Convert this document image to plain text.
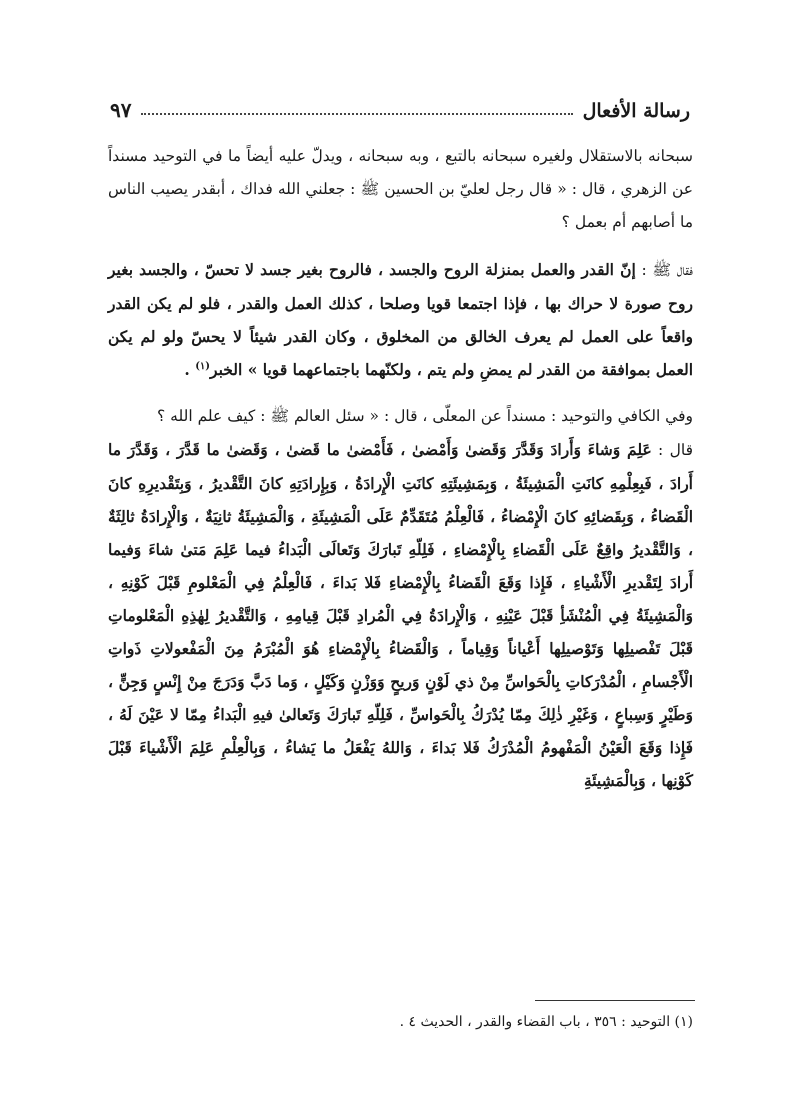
رسالة الأفعال
٩٧

سبحانه بالاستقلال ولغيره سبحانه بالتبع ، وبه سبحانه ، ويدلّ عليه أيضاً ما في التوحيد مسنداً عن الزهري ، قال : « قال رجل لعليّ بن الحسين ﷺ : جعلني الله فداك ، أبقدر يصيب الناس ما أصابهم أم بعمل ؟

فقال ﷺ : إنّ القدر والعمل بمنزلة الروح والجسد ، فالروح بغير جسد لا تحسّ ، والجسد بغير روح صورة لا حراك بها ، فإذا اجتمعا قويا وصلحا ، كذلك العمل والقدر ، فلو لم يكن القدر واقعاً على العمل لم يعرف الخالق من المخلوق ، وكان القدر شيئاً لا يحسّ ولو لم يكن العمل بموافقة من القدر لم يمضِ ولم يتم ، ولكنّهما باجتماعهما قويا » الخبر$^{(١)}$ .

وفي الكافي والتوحيد : مسنداً عن المعلّى ، قال : « سئل العالم ﷺ : كيف علم الله ؟

قال : عَلِمَ وَشاءَ وَأَرادَ وَقَدَّرَ وَقَضىٰ وَأَمْضىٰ ، فَأَمْضىٰ ما قَضىٰ ، وَقَضىٰ ما قَدَّرَ ، وَقَدَّرَ ما أَرادَ ، فَبِعِلْمِهِ كانَتِ الْمَشِيئَةُ ، وَبِمَشِيئَتِهِ كانَتِ الْإِرادَةُ ، وَبِإِرادَتِهِ كانَ التَّقْديرُ ، وَبِتَقْديرِهِ كانَ الْقَضاءُ ، وَبِقَضائِهِ كانَ الْإِمْضاءُ ، فَالْعِلْمُ مُتَقَدِّمٌ عَلَى الْمَشِيئَةِ ، وَالْمَشِيئَةُ ثانِيَةٌ ، وَالْإِرادَةُ ثالِثَةٌ ، وَالتَّقْديرُ واقِعٌ عَلَى الْقَضاءِ بِالْإِمْضاءِ ، فَلِلّهِ تَبارَكَ وَتَعالَى الْبَداءُ فيما عَلِمَ مَتىٰ شاءَ وَفيما أَرادَ لِتَقْديرِ الْأَشْياءِ ، فَإِذا وَقَعَ الْقَضاءُ بِالْإِمْضاءِ فَلا بَداءَ ، فَالْعِلْمُ فِي الْمَعْلومِ قَبْلَ كَوْنِهِ ، وَالْمَشِيئَةُ فِي الْمُنْشَأِ قَبْلَ عَيْنِهِ ، وَالْإِرادَةُ فِي الْمُرادِ قَبْلَ قِيامِهِ ، وَالتَّقْديرُ لِهٰذِهِ الْمَعْلوماتِ قَبْلَ تَفْصيلِها وَتَوْصيلِها أَعْياناً وَقِياماً ، وَالْقَضاءُ بِالْإِمْضاءِ هُوَ الْمُبْرَمُ مِنَ الْمَفْعولاتِ ذَواتِ الْأَجْسامِ ، الْمُدْرَكاتِ بِالْحَواسِّ مِنْ ذي لَوْنٍ وَريحٍ وَوَزْنٍ وَكَيْلٍ ، وَما دَبَّ وَدَرَجَ مِنْ إِنْسٍ وَجِنٍّ ، وَطَيْرٍ وَسِباعٍ ، وَغَيْرِ ذٰلِكَ مِمّا يُدْرَكُ بِالْحَواسِّ ، فَلِلّهِ تَبارَكَ وَتَعالىٰ فيهِ الْبَداءُ مِمّا لا عَيْنَ لَهُ ، فَإِذا وَقَعَ الْعَيْنُ الْمَفْهومُ الْمُدْرَكُ فَلا بَداءَ ، وَاللهُ يَفْعَلُ ما يَشاءُ ، وَبِالْعِلْمِ عَلِمَ الْأَشْياءَ قَبْلَ كَوْنِها ، وَبِالْمَشِيئَةِ

(١) التوحيد : ٣٥٦ ، باب القضاء والقدر ، الحديث ٤ .
